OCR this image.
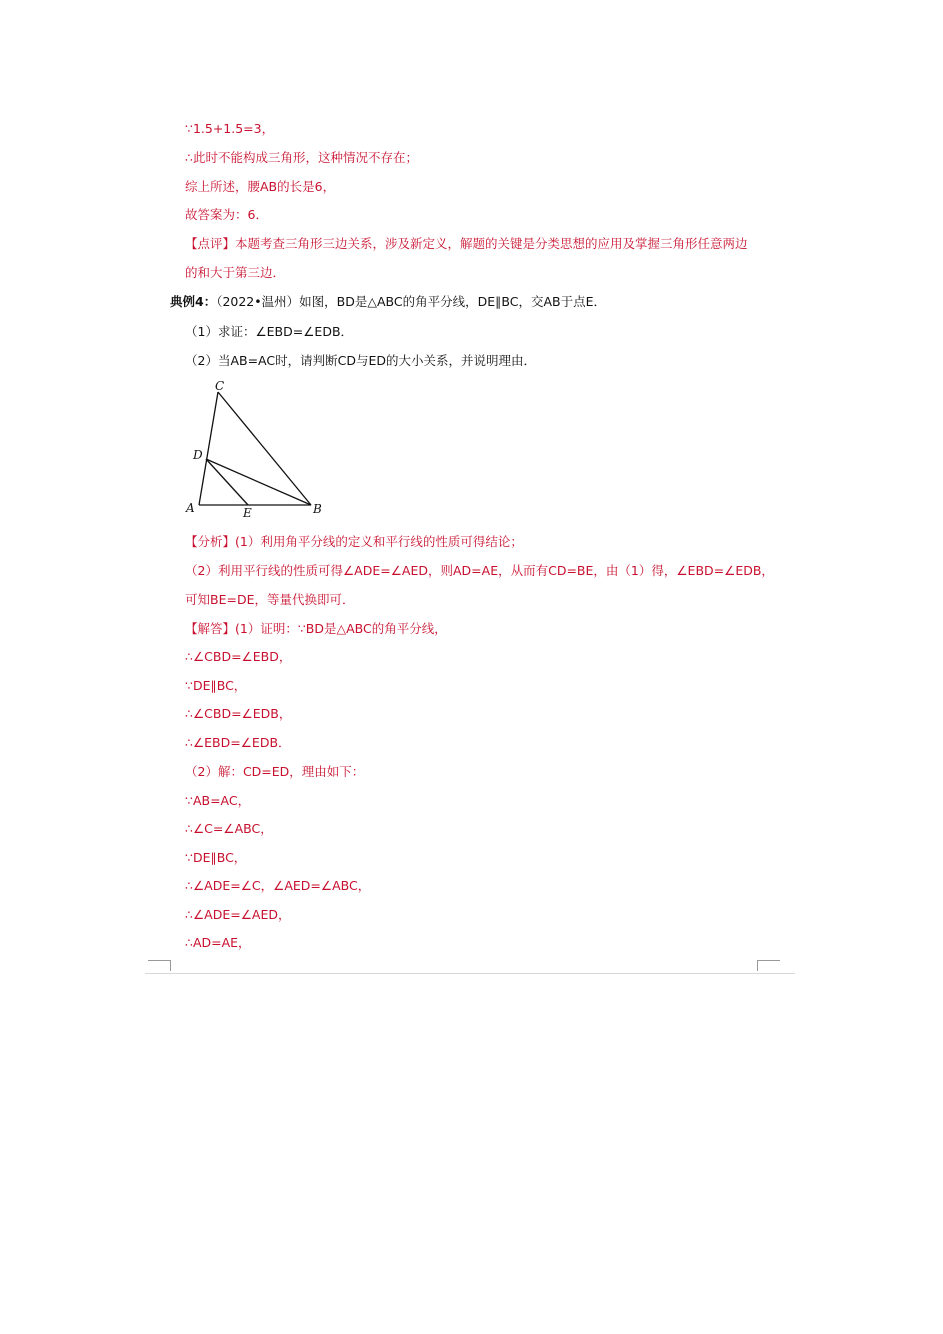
∵1.5+1.5=3，
∴此时不能构成三角形，这种情况不存在；
综上所述，腰AB的长是6，
故答案为：6．
【点评】本题考查三角形三边关系，涉及新定义，解题的关键是分类思想的应用及掌握三角形任意两边
的和大于第三边．
典例4：（2022•温州）如图，BD是△ABC的角平分线，DE∥BC，交AB于点E．
（1）求证：∠EBD=∠EDB．
（2）当AB=AC时，请判断CD与ED的大小关系，并说明理由．
C
D
A	E	B
【分析】(1）利用角平分线的定义和平行线的性质可得结论；
（2）利用平行线的性质可得∠ADE=∠AED，则AD=AE，从而有CD=BE，由（1）得，∠EBD=∠EDB，
可知BE=DE，等量代换即可．
【解答】(1）证明：∵BD是△ABC的角平分线，
∴∠CBD=∠EBD，
∵DE∥BC，
∴∠CBD=∠EDB，
∴∠EBD=∠EDB．
（2）解：CD=ED，理由如下：
∵AB=AC，
∴∠C=∠ABC，
∵DE∥BC，
∴∠ADE=∠C，∠AED=∠ABC，
∴∠ADE=∠AED，
∴AD=AE，
